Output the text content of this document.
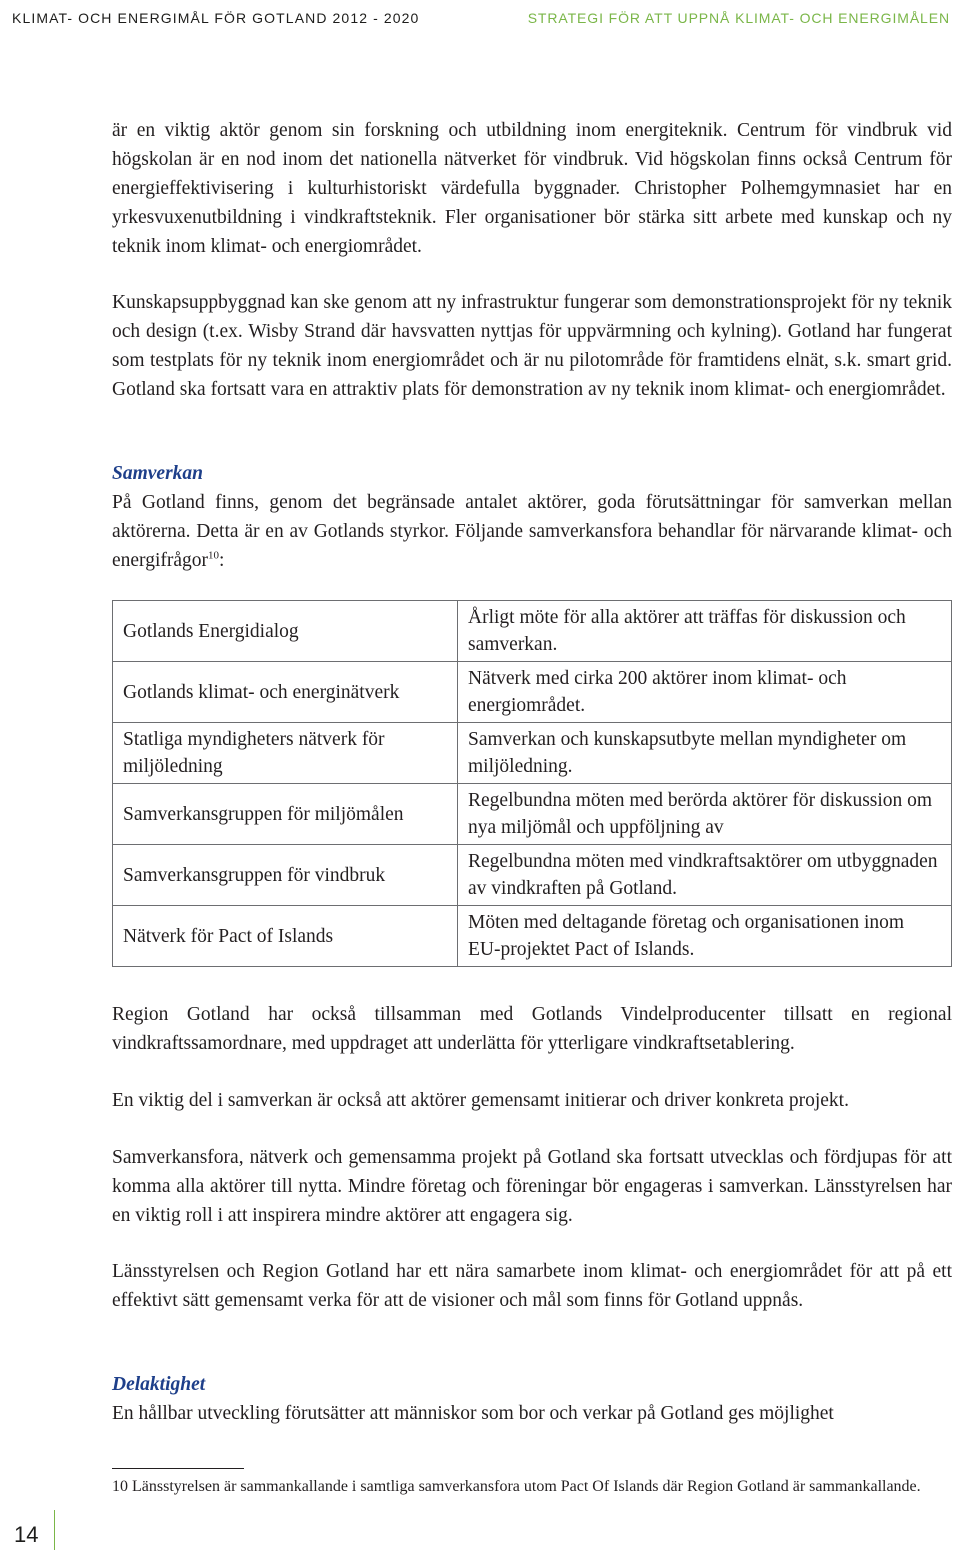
KLIMAT- OCH ENERGIMÅL FÖR GOTLAND 2012 - 2020	STRATEGI FÖR ATT UPPNÅ KLIMAT- OCH ENERGIMÅLEN

är en viktig aktör genom sin forskning och utbildning inom energiteknik. Centrum för vindbruk vid högskolan är en nod inom det nationella nätverket för vindbruk. Vid högskolan finns också Centrum för energieffektivisering i kulturhistoriskt värdefulla byggnader. Christopher Polhemgymnasiet har en yrkesvuxenutbildning i vindkraftsteknik. Fler organisationer bör stärka sitt arbete med kunskap och ny teknik inom klimat- och energiområdet.

Kunskapsuppbyggnad kan ske genom att ny infrastruktur fungerar som demonstrationsprojekt för ny teknik och design (t.ex. Wisby Strand där havsvatten nyttjas för uppvärmning och kylning). Gotland har fungerat som testplats för ny teknik inom energiområdet och är nu pilotområde för framtidens elnät, s.k. smart grid. Gotland ska fortsatt vara en attraktiv plats för demonstration av ny teknik inom klimat- och energiområdet.

Samverkan

På Gotland finns, genom det begränsade antalet aktörer, goda förutsättningar för samverkan mellan aktörerna. Detta är en av Gotlands styrkor. Följande samverkansfora behandlar för närvarande klimat- och energifrågor$^{10}$:

Gotlands Energidialog	Årligt möte för alla aktörer att träffas för diskussion och samverkan.
Gotlands klimat- och energinätverk	Nätverk med cirka 200 aktörer inom klimat- och energiområdet.
Statliga myndigheters nätverk för miljöledning	Samverkan och kunskapsutbyte mellan myndigheter om miljöledning.
Samverkansgruppen för miljömålen	Regelbundna möten med berörda aktörer för diskussion om nya miljömål och uppföljning av
Samverkansgruppen för vindbruk	Regelbundna möten med vindkraftsaktörer om utbyggnaden av vindkraften på Gotland.
Nätverk för Pact of Islands	Möten med deltagande företag och organisationen inom EU-projektet Pact of Islands.

Region Gotland har också tillsamman med Gotlands Vindelproducenter tillsatt en regional vindkraftssamordnare, med uppdraget att underlätta för ytterligare vindkraftsetablering.

En viktig del i samverkan är också att aktörer gemensamt initierar och driver konkreta projekt.

Samverkansfora, nätverk och gemensamma projekt på Gotland ska fortsatt utvecklas och fördjupas för att komma alla aktörer till nytta. Mindre företag och föreningar bör engageras i samverkan. Länsstyrelsen har en viktig roll i att inspirera mindre aktörer att engagera sig.

Länsstyrelsen och Region Gotland har ett nära samarbete inom klimat- och energiområdet för att på ett effektivt sätt gemensamt verka för att de visioner och mål som finns för Gotland uppnås.

Delaktighet

En hållbar utveckling förutsätter att människor som bor och verkar på Gotland ges möjlighet

10 Länsstyrelsen är sammankallande i samtliga samverkansfora utom Pact Of Islands där Region Gotland är sammankallande.

14
